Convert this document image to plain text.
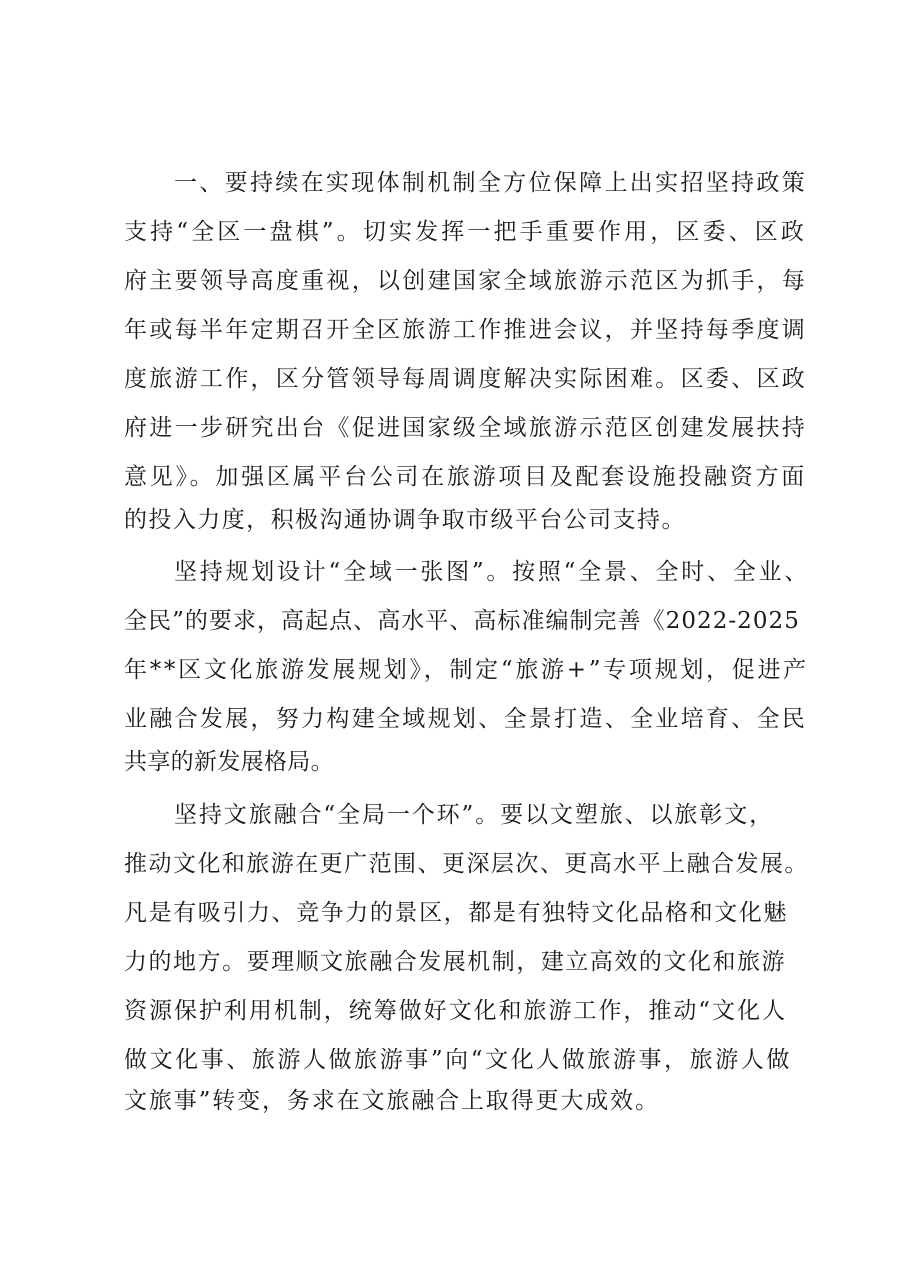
一、要持续在实现体制机制全方位保障上出实招坚持政策
支持“全区一盘棋”。切实发挥一把手重要作用，区委、区政
府主要领导高度重视，以创建国家全域旅游示范区为抓手，每
年或每半年定期召开全区旅游工作推进会议，并坚持每季度调
度旅游工作，区分管领导每周调度解决实际困难。区委、区政
府进一步研究出台《促进国家级全域旅游示范区创建发展扶持
意见》。加强区属平台公司在旅游项目及配套设施投融资方面
的投入力度，积极沟通协调争取市级平台公司支持。
坚持规划设计“全域一张图”。按照“全景、全时、全业、
全民”的要求，高起点、高水平、高标准编制完善《2022-2025
年**区文化旅游发展规划》，制定“旅游+”专项规划，促进产
业融合发展，努力构建全域规划、全景打造、全业培育、全民
共享的新发展格局。
坚持文旅融合“全局一个环”。要以文塑旅、以旅彰文，
推动文化和旅游在更广范围、更深层次、更高水平上融合发展。
凡是有吸引力、竞争力的景区，都是有独特文化品格和文化魅
力的地方。要理顺文旅融合发展机制，建立高效的文化和旅游
资源保护利用机制，统筹做好文化和旅游工作，推动“文化人
做文化事、旅游人做旅游事”向“文化人做旅游事，旅游人做
文旅事”转变，务求在文旅融合上取得更大成效。
